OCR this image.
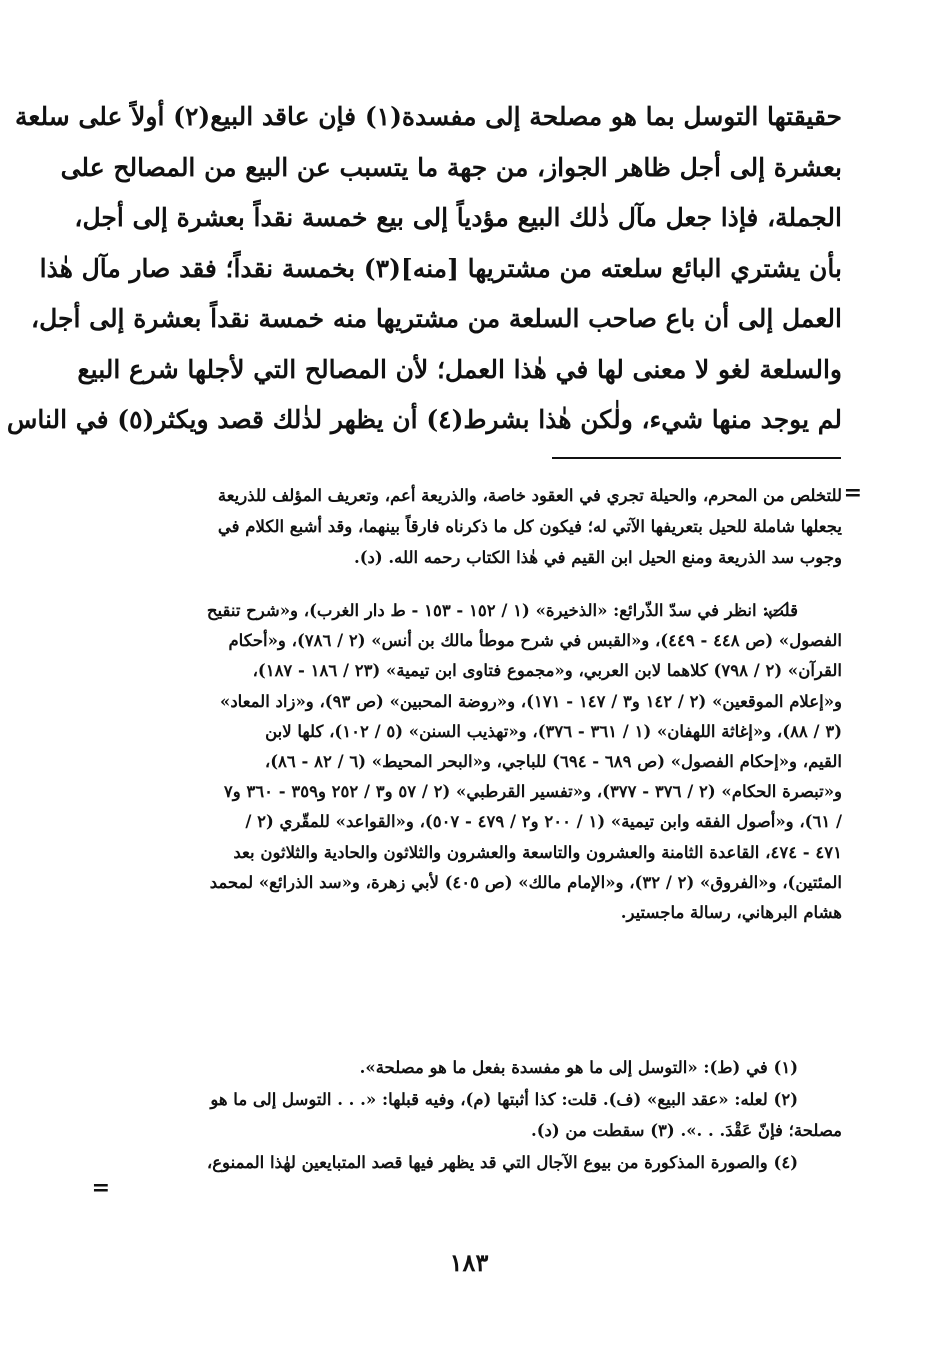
حقيقتها التوسل بما هو مصلحة إلى مفسدة(١) فإن عاقد البيع(٢) أولاً على سلعة
بعشرة إلى أجل ظاهر الجواز، من جهة ما يتسبب عن البيع من المصالح على
الجملة، فإذا جعل مآل ذٰلك البيع مؤدياً إلى بيع خمسة نقداً بعشرة إلى أجل،
بأن يشتري البائع سلعته من مشتريها [منه](٣) بخمسة نقداً؛ فقد صار مآل هٰذا
العمل إلى أن باع صاحب السلعة من مشتريها منه خمسة نقداً بعشرة إلى أجل،
والسلعة لغو لا معنى لها في هٰذا العمل؛ لأن المصالح التي لأجلها شرع البيع
لم يوجد منها شيء، ولٰكن هٰذا بشرط(٤) أن يظهر لذٰلك قصد ويكثر(٥) في الناس
=
للتخلص من المحرم، والحيلة تجري في العقود خاصة، والذريعة أعم، وتعريف المؤلف للذريعة
يجعلها شاملة للحيل بتعريفها الآتي له؛ فيكون كل ما ذكرناه فارقاً بينهما، وقد أشبع الكلام في
وجوب سد الذريعة ومنع الحيل ابن القيم في هٰذا الكتاب رحمه الله. (د).
قلت: انظر في سدّ الذّرائع: «الذخيرة» (١ / ١٥٢ - ١٥٣ - ط دار الغرب)، و«شرح تنقيح
الفصول» (ص ٤٤٨ - ٤٤٩)، و«القبس في شرح موطأ مالك بن أنس» (٢ / ٧٨٦)، و«أحكام
القرآن» (٢ / ٧٩٨) كلاهما لابن العربي، و«مجموع فتاوى ابن تيمية» (٢٣ / ١٨٦ - ١٨٧)،
و«إعلام الموقعين» (٢ / ١٤٢ و٣ / ١٤٧ - ١٧١)، و«روضة المحبين» (ص ٩٣)، و«زاد المعاد»
(٣ / ٨٨)، و«إغاثة اللهفان» (١ / ٣٦١ - ٣٧٦)، و«تهذيب السنن» (٥ / ١٠٢)، كلها لابن
القيم، و«إحكام الفصول» (ص ٦٨٩ - ٦٩٤) للباجي، و«البحر المحيط» (٦ / ٨٢ - ٨٦)،
و«تبصرة الحكام» (٢ / ٣٧٦ - ٣٧٧)، و«تفسير القرطبي» (٢ / ٥٧ و٣ / ٢٥٢ و٣٥٩ - ٣٦٠ و٧
/ ٦١)، و«أصول الفقه وابن تيمية» (١ / ٢٠٠ و٢ / ٤٧٩ - ٥٠٧)، و«القواعد» للمقّري (٢ /
٤٧١ - ٤٧٤، القاعدة الثامنة والعشرون والتاسعة والعشرون والثلاثون والحادية والثلاثون بعد
المئتين)، و«الفروق» (٢ / ٣٢)، و«الإمام مالك» (ص ٤٠٥) لأبي زهرة، و«سد الذرائع» لمحمد
هشام البرهاني، رسالة ماجستير.
(١) في (ط): «التوسل إلى ما هو مفسدة بفعل ما هو مصلحة».
(٢) لعله: «عقد البيع» (ف). قلت: كذا أثبتها (م)، وفيه قبلها: «. . . التوسل إلى ما هو
مصلحة؛ فإنّ عَقْدَ. . .». (٣) سقطت من (د).
(٤) والصورة المذكورة من بيوع الآجال التي قد يظهر فيها قصد المتبايعين لهٰذا الممنوع،
=
١٨٣
